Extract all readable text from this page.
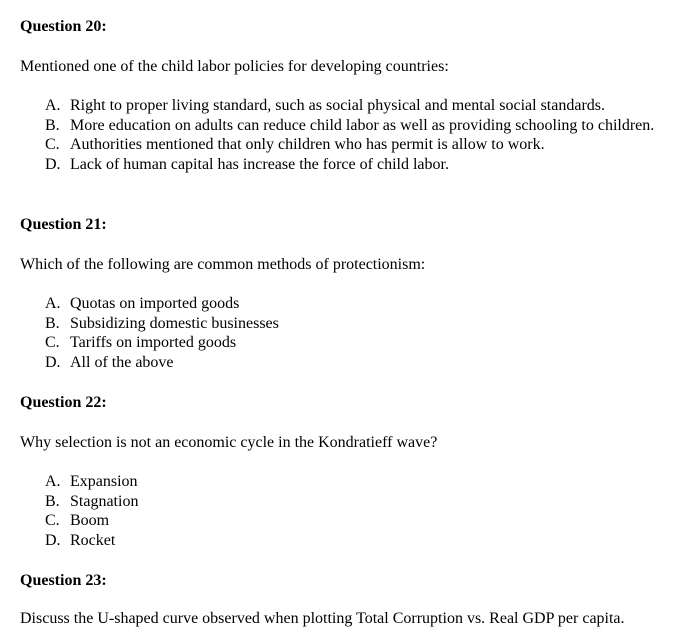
Question 20:
Mentioned one of the child labor policies for developing countries:
A. Right to proper living standard, such as social physical and mental social standards.
B. More education on adults can reduce child labor as well as providing schooling to children.
C. Authorities mentioned that only children who has permit is allow to work.
D. Lack of human capital has increase the force of child labor.
Question 21:
Which of the following are common methods of protectionism:
A. Quotas on imported goods
B. Subsidizing domestic businesses
C. Tariffs on imported goods
D. All of the above
Question 22:
Why selection is not an economic cycle in the Kondratieff wave?
A. Expansion
B. Stagnation
C. Boom
D. Rocket
Question 23:
Discuss the U-shaped curve observed when plotting Total Corruption vs. Real GDP per capita.
